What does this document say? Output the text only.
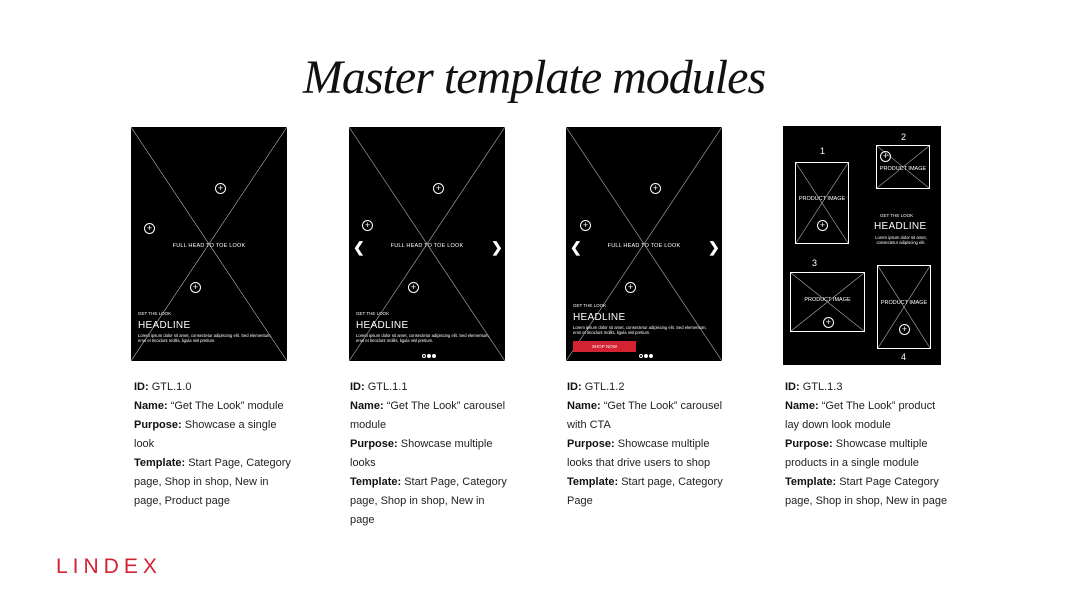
Master template modules
+
+
+
FULL HEAD TO TOE LOOK
GET THE LOOK
HEADLINE
Lorem ipsum dolor sit amet, consectetur adipiscing elit. Sed elementum, eros et tincidunt mollis, ligula nisl pretium.
+
+
+
❮	❯
FULL HEAD TO TOE LOOK
GET THE LOOK
HEADLINE
Lorem ipsum dolor sit amet, consectetur adipiscing elit. Sed elementum, eros et tincidunt mollis, ligula nisl pretium.
+
+
+
❮	❯
FULL HEAD TO TOE LOOK
GET THE LOOK
HEADLINE
Lorem ipsum dolor sit amet, consectetur adipiscing elit. Sed elementum, eros et tincidunt mollis, ligula nisl pretium.
SHOP NOW
1
2
3
4
PRODUCT IMAGE
+
PRODUCT IMAGE
+
GET THE LOOK
HEADLINE
Lorem ipsum dolor sit amet, consectetur adipiscing elit.
PRODUCT IMAGE
+
PRODUCT IMAGE
+

ID: GTL.1.0

Name: “Get The Look” module

Purpose: Showcase a single look

Template: Start Page, Category page, Shop in shop, New in page, Product page

ID: GTL.1.1

Name: “Get The Look” carousel module

Purpose: Showcase multiple looks

Template: Start Page, Category page, Shop in shop, New in page

ID: GTL.1.2

Name: “Get The Look” carousel with CTA

Purpose: Showcase multiple looks that drive users to shop

Template: Start page, Category Page

ID: GTL.1.3

Name: “Get The Look” product lay down look module

Purpose: Showcase multiple products in a single module

Template: Start Page Category page, Shop in shop, New in page

LINDEX
